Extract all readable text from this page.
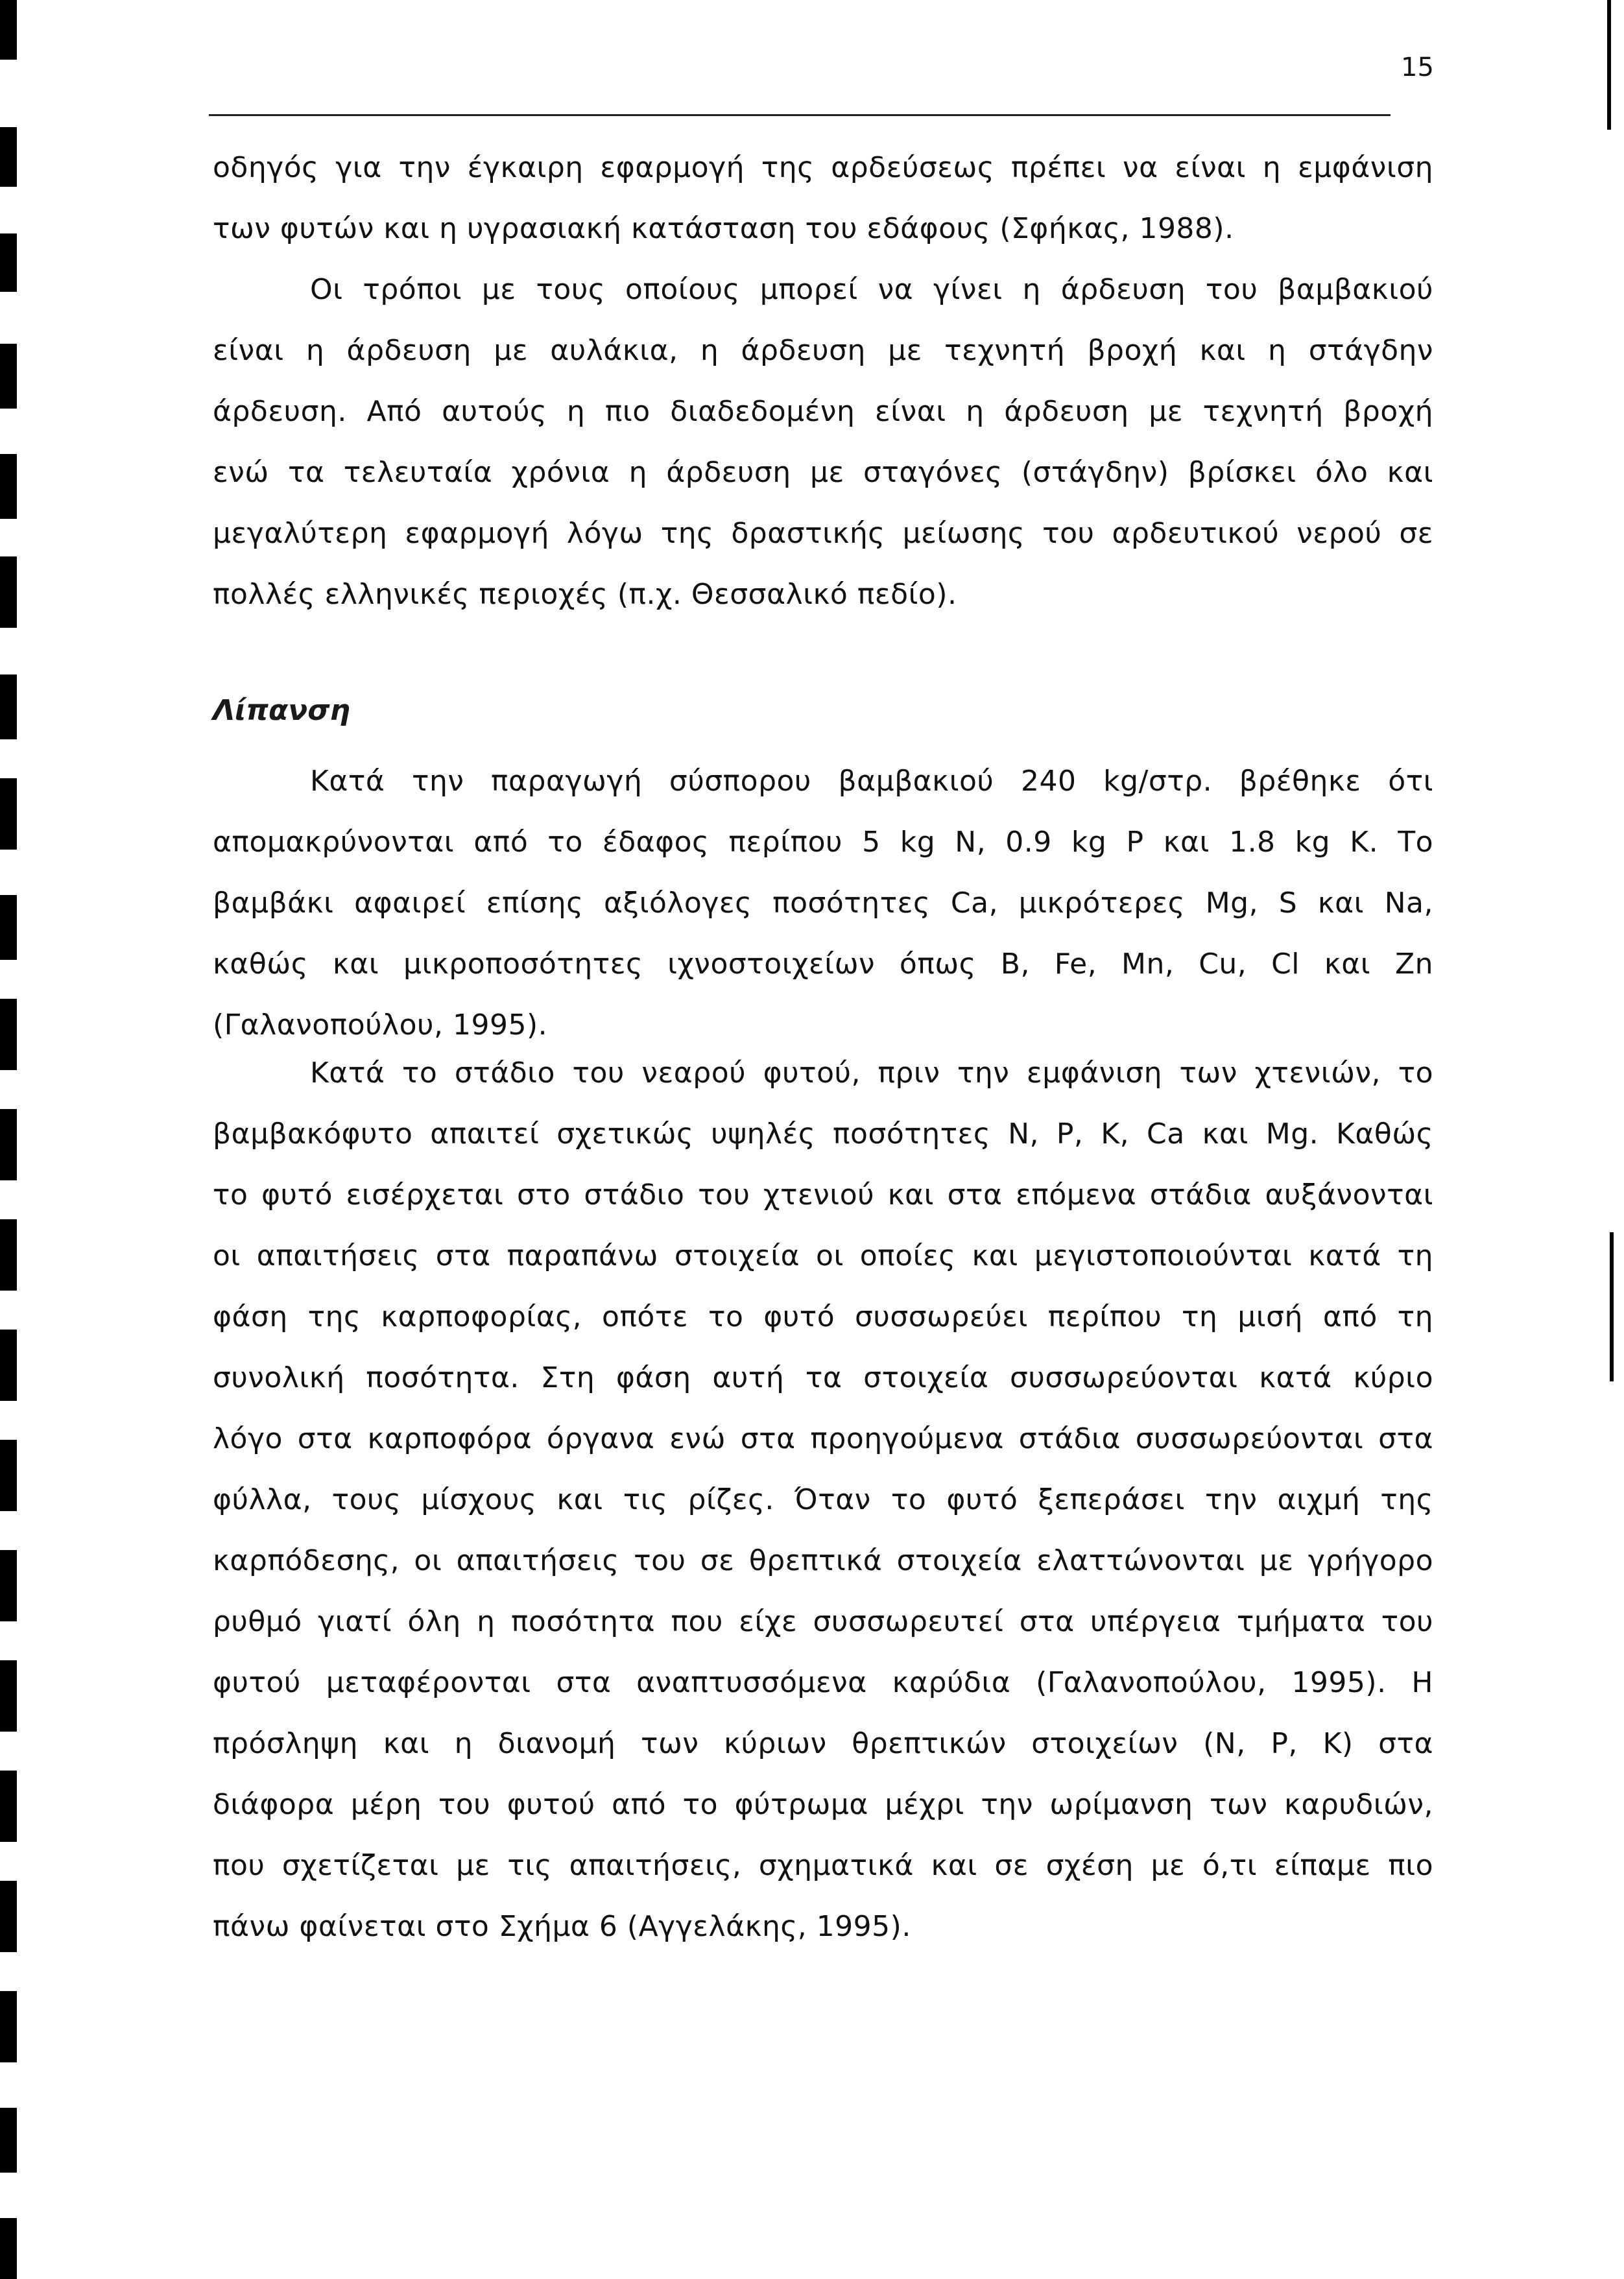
15
οδηγός για την έγκαιρη εφαρμογή της αρδεύσεως πρέπει να είναι η εμφάνιση
των φυτών και η υγρασιακή κατάσταση του εδάφους (Σφήκας, 1988).
Οι τρόποι με τους οποίους μπορεί να γίνει η άρδευση του βαμβακιού
είναι η άρδευση με αυλάκια, η άρδευση με τεχνητή βροχή και η στάγδην
άρδευση. Από αυτούς η πιο διαδεδομένη είναι η άρδευση με τεχνητή βροχή
ενώ τα τελευταία χρόνια η άρδευση με σταγόνες (στάγδην) βρίσκει όλο και
μεγαλύτερη εφαρμογή λόγω της δραστικής μείωσης του αρδευτικού νερού σε
πολλές ελληνικές περιοχές (π.χ. Θεσσαλικό πεδίο).
Λίπανση
Κατά την παραγωγή σύσπορου βαμβακιού 240 kg/στρ. βρέθηκε ότι
απομακρύνονται από το έδαφος περίπου 5 kg N, 0.9 kg P και 1.8 kg K. Το
βαμβάκι αφαιρεί επίσης αξιόλογες ποσότητες Ca, μικρότερες Mg, S και Na,
καθώς και μικροποσότητες ιχνοστοιχείων όπως B, Fe, Mn, Cu, Cl και Zn
(Γαλανοπούλου, 1995).
Κατά το στάδιο του νεαρού φυτού, πριν την εμφάνιση των χτενιών, το
βαμβακόφυτο απαιτεί σχετικώς υψηλές ποσότητες N, P, K, Ca και Mg. Καθώς
το φυτό εισέρχεται στο στάδιο του χτενιού και στα επόμενα στάδια αυξάνονται
οι απαιτήσεις στα παραπάνω στοιχεία οι οποίες και μεγιστοποιούνται κατά τη
φάση της καρποφορίας, οπότε το φυτό συσσωρεύει περίπου τη μισή από τη
συνολική ποσότητα. Στη φάση αυτή τα στοιχεία συσσωρεύονται κατά κύριο
λόγο στα καρποφόρα όργανα ενώ στα προηγούμενα στάδια συσσωρεύονται στα
φύλλα, τους μίσχους και τις ρίζες. Όταν το φυτό ξεπεράσει την αιχμή της
καρπόδεσης, οι απαιτήσεις του σε θρεπτικά στοιχεία ελαττώνονται με γρήγορο
ρυθμό γιατί όλη η ποσότητα που είχε συσσωρευτεί στα υπέργεια τμήματα του
φυτού μεταφέρονται στα αναπτυσσόμενα καρύδια (Γαλανοπούλου, 1995). Η
πρόσληψη και η διανομή των κύριων θρεπτικών στοιχείων (N, P, K) στα
διάφορα μέρη του φυτού από το φύτρωμα μέχρι την ωρίμανση των καρυδιών,
που σχετίζεται με τις απαιτήσεις, σχηματικά και σε σχέση με ό,τι είπαμε πιο
πάνω φαίνεται στο Σχήμα 6 (Αγγελάκης, 1995).
